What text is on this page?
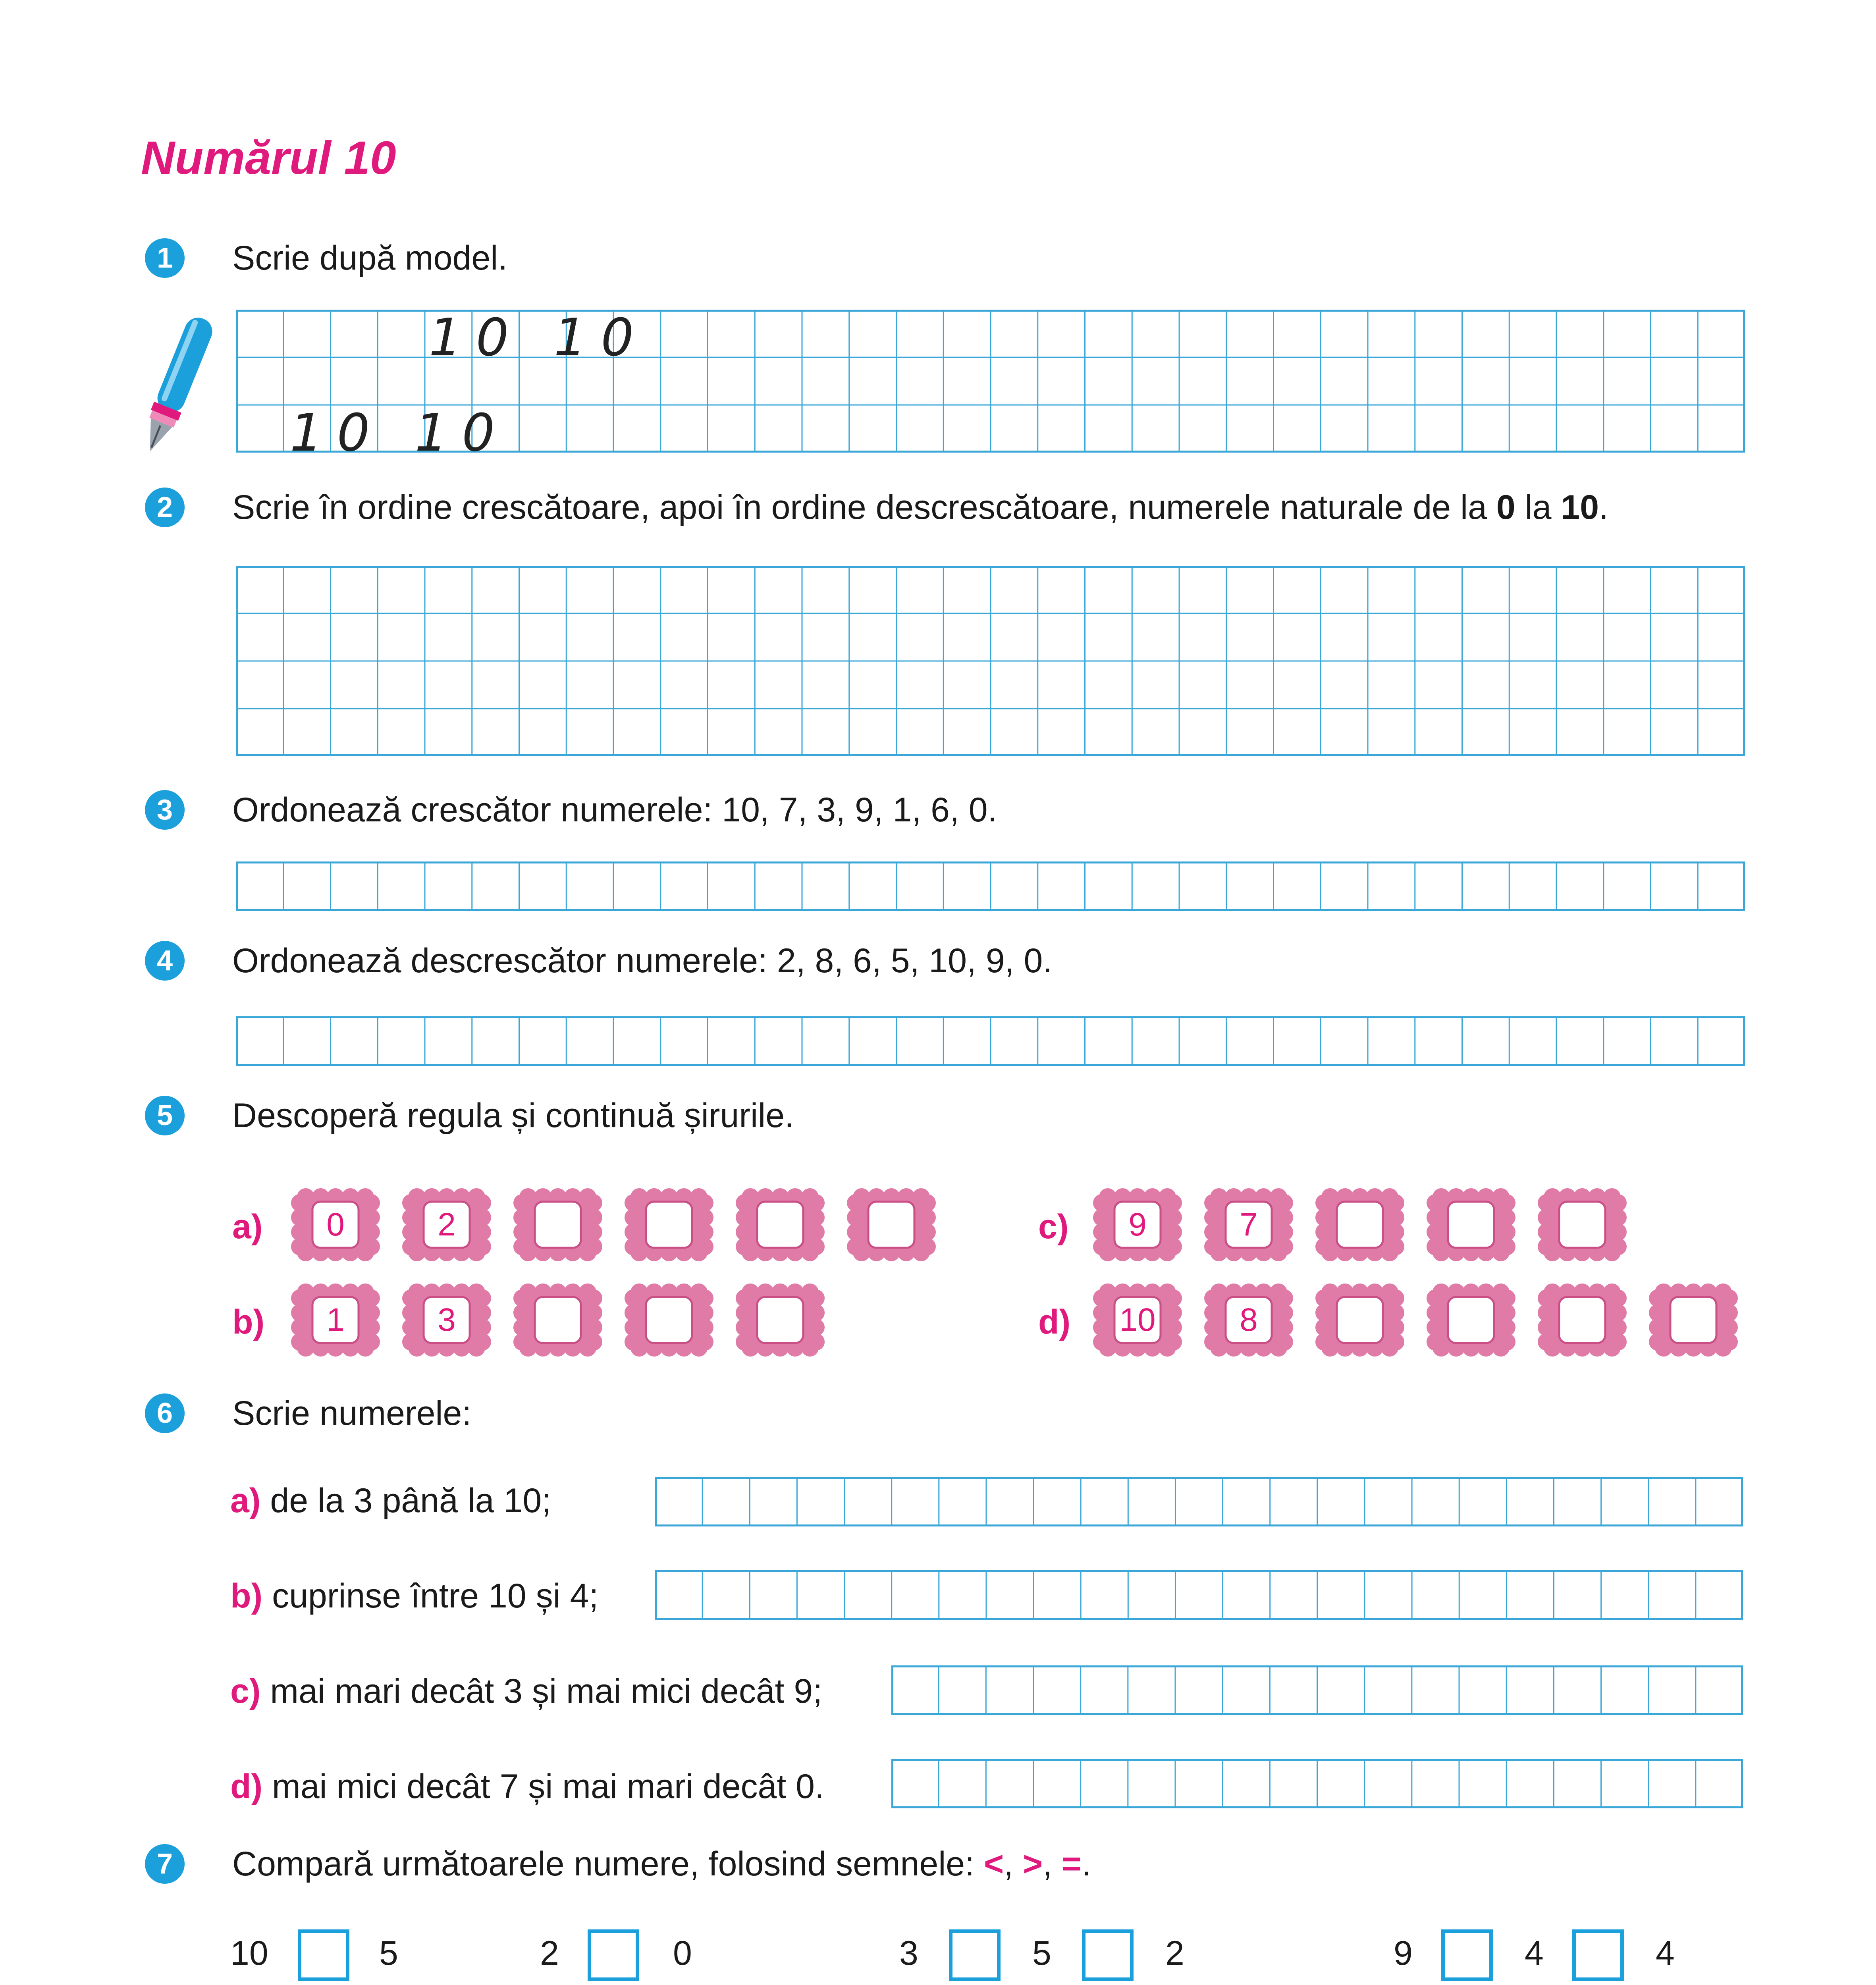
Numărul 10
1	Scrie după model.
10 10
10 10
2	Scrie în ordine crescătoare, apoi în ordine descrescătoare, numerele naturale de la 0 la 10.
3	Ordonează crescător numerele: 10, 7, 3, 9, 1, 6, 0.
4	Ordonează descrescător numerele: 2, 8, 6, 5, 10, 9, 0.
5	Descoperă regula și continuă șirurile.
a)	0	2
b)	1	3
c)	9	7
d)	10	8
6	Scrie numerele:
a) de la 3 până la 10;
b) cuprinse între 10 și 4;
c) mai mari decât 3 și mai mici decât 9;
d) mai mici decât 7 și mai mari decât 0.
7	Compară următoarele numere, folosind semnele: <, >, =.
10	5	2	0	3	5	2	9	4	4
